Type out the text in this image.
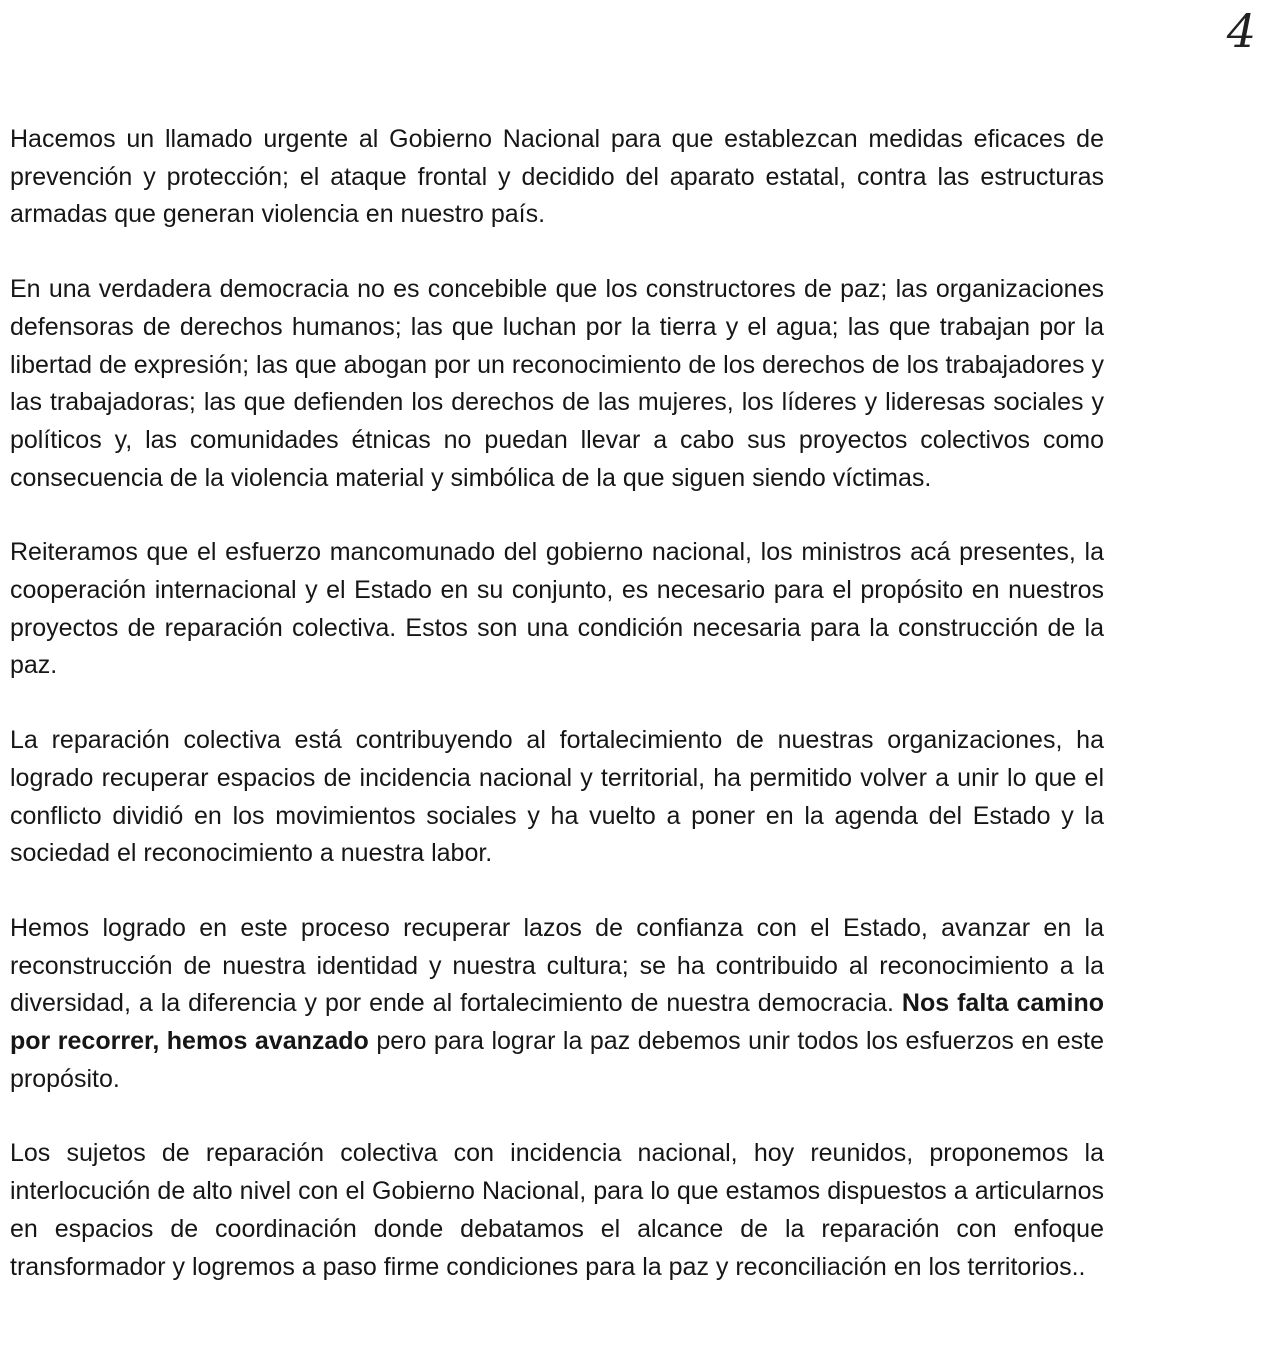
4

Hacemos un llamado urgente al Gobierno Nacional para que establezcan medidas eficaces de prevención y protección; el ataque frontal y decidido del aparato estatal, contra las estructuras armadas que generan violencia en nuestro país.

En una verdadera democracia no es concebible que los constructores de paz; las organizaciones defensoras de derechos humanos; las que luchan por la tierra y el agua; las que trabajan por la libertad de expresión; las que abogan por un reconocimiento de los derechos de los trabajadores y las trabajadoras; las que defienden los derechos de las mujeres, los líderes y lideresas sociales y políticos y, las comunidades étnicas no puedan llevar a cabo sus proyectos colectivos como consecuencia de la violencia material y simbólica de la que siguen siendo víctimas.

Reiteramos que el esfuerzo mancomunado del gobierno nacional, los ministros acá presentes, la cooperación internacional y el Estado en su conjunto, es necesario para el propósito en nuestros proyectos de reparación colectiva. Estos son una condición necesaria para la construcción de la paz.

La reparación colectiva está contribuyendo al fortalecimiento de nuestras organizaciones, ha logrado recuperar espacios de incidencia nacional y territorial, ha permitido volver a unir lo que el conflicto dividió en los movimientos sociales y ha vuelto a poner en la agenda del Estado y la sociedad el reconocimiento a nuestra labor.

Hemos logrado en este proceso recuperar lazos de confianza con el Estado, avanzar en la reconstrucción de nuestra identidad y nuestra cultura; se ha contribuido al reconocimiento a la diversidad, a la diferencia y por ende al fortalecimiento de nuestra democracia. Nos falta camino por recorrer, hemos avanzado pero para lograr la paz debemos unir todos los esfuerzos en este propósito.

Los sujetos de reparación colectiva con incidencia nacional, hoy reunidos, proponemos la interlocución de alto nivel con el Gobierno Nacional, para lo que estamos dispuestos a articularnos en espacios de coordinación donde debatamos el alcance de la reparación con enfoque transformador y logremos a paso firme condiciones para la paz y reconciliación en los territorios..
